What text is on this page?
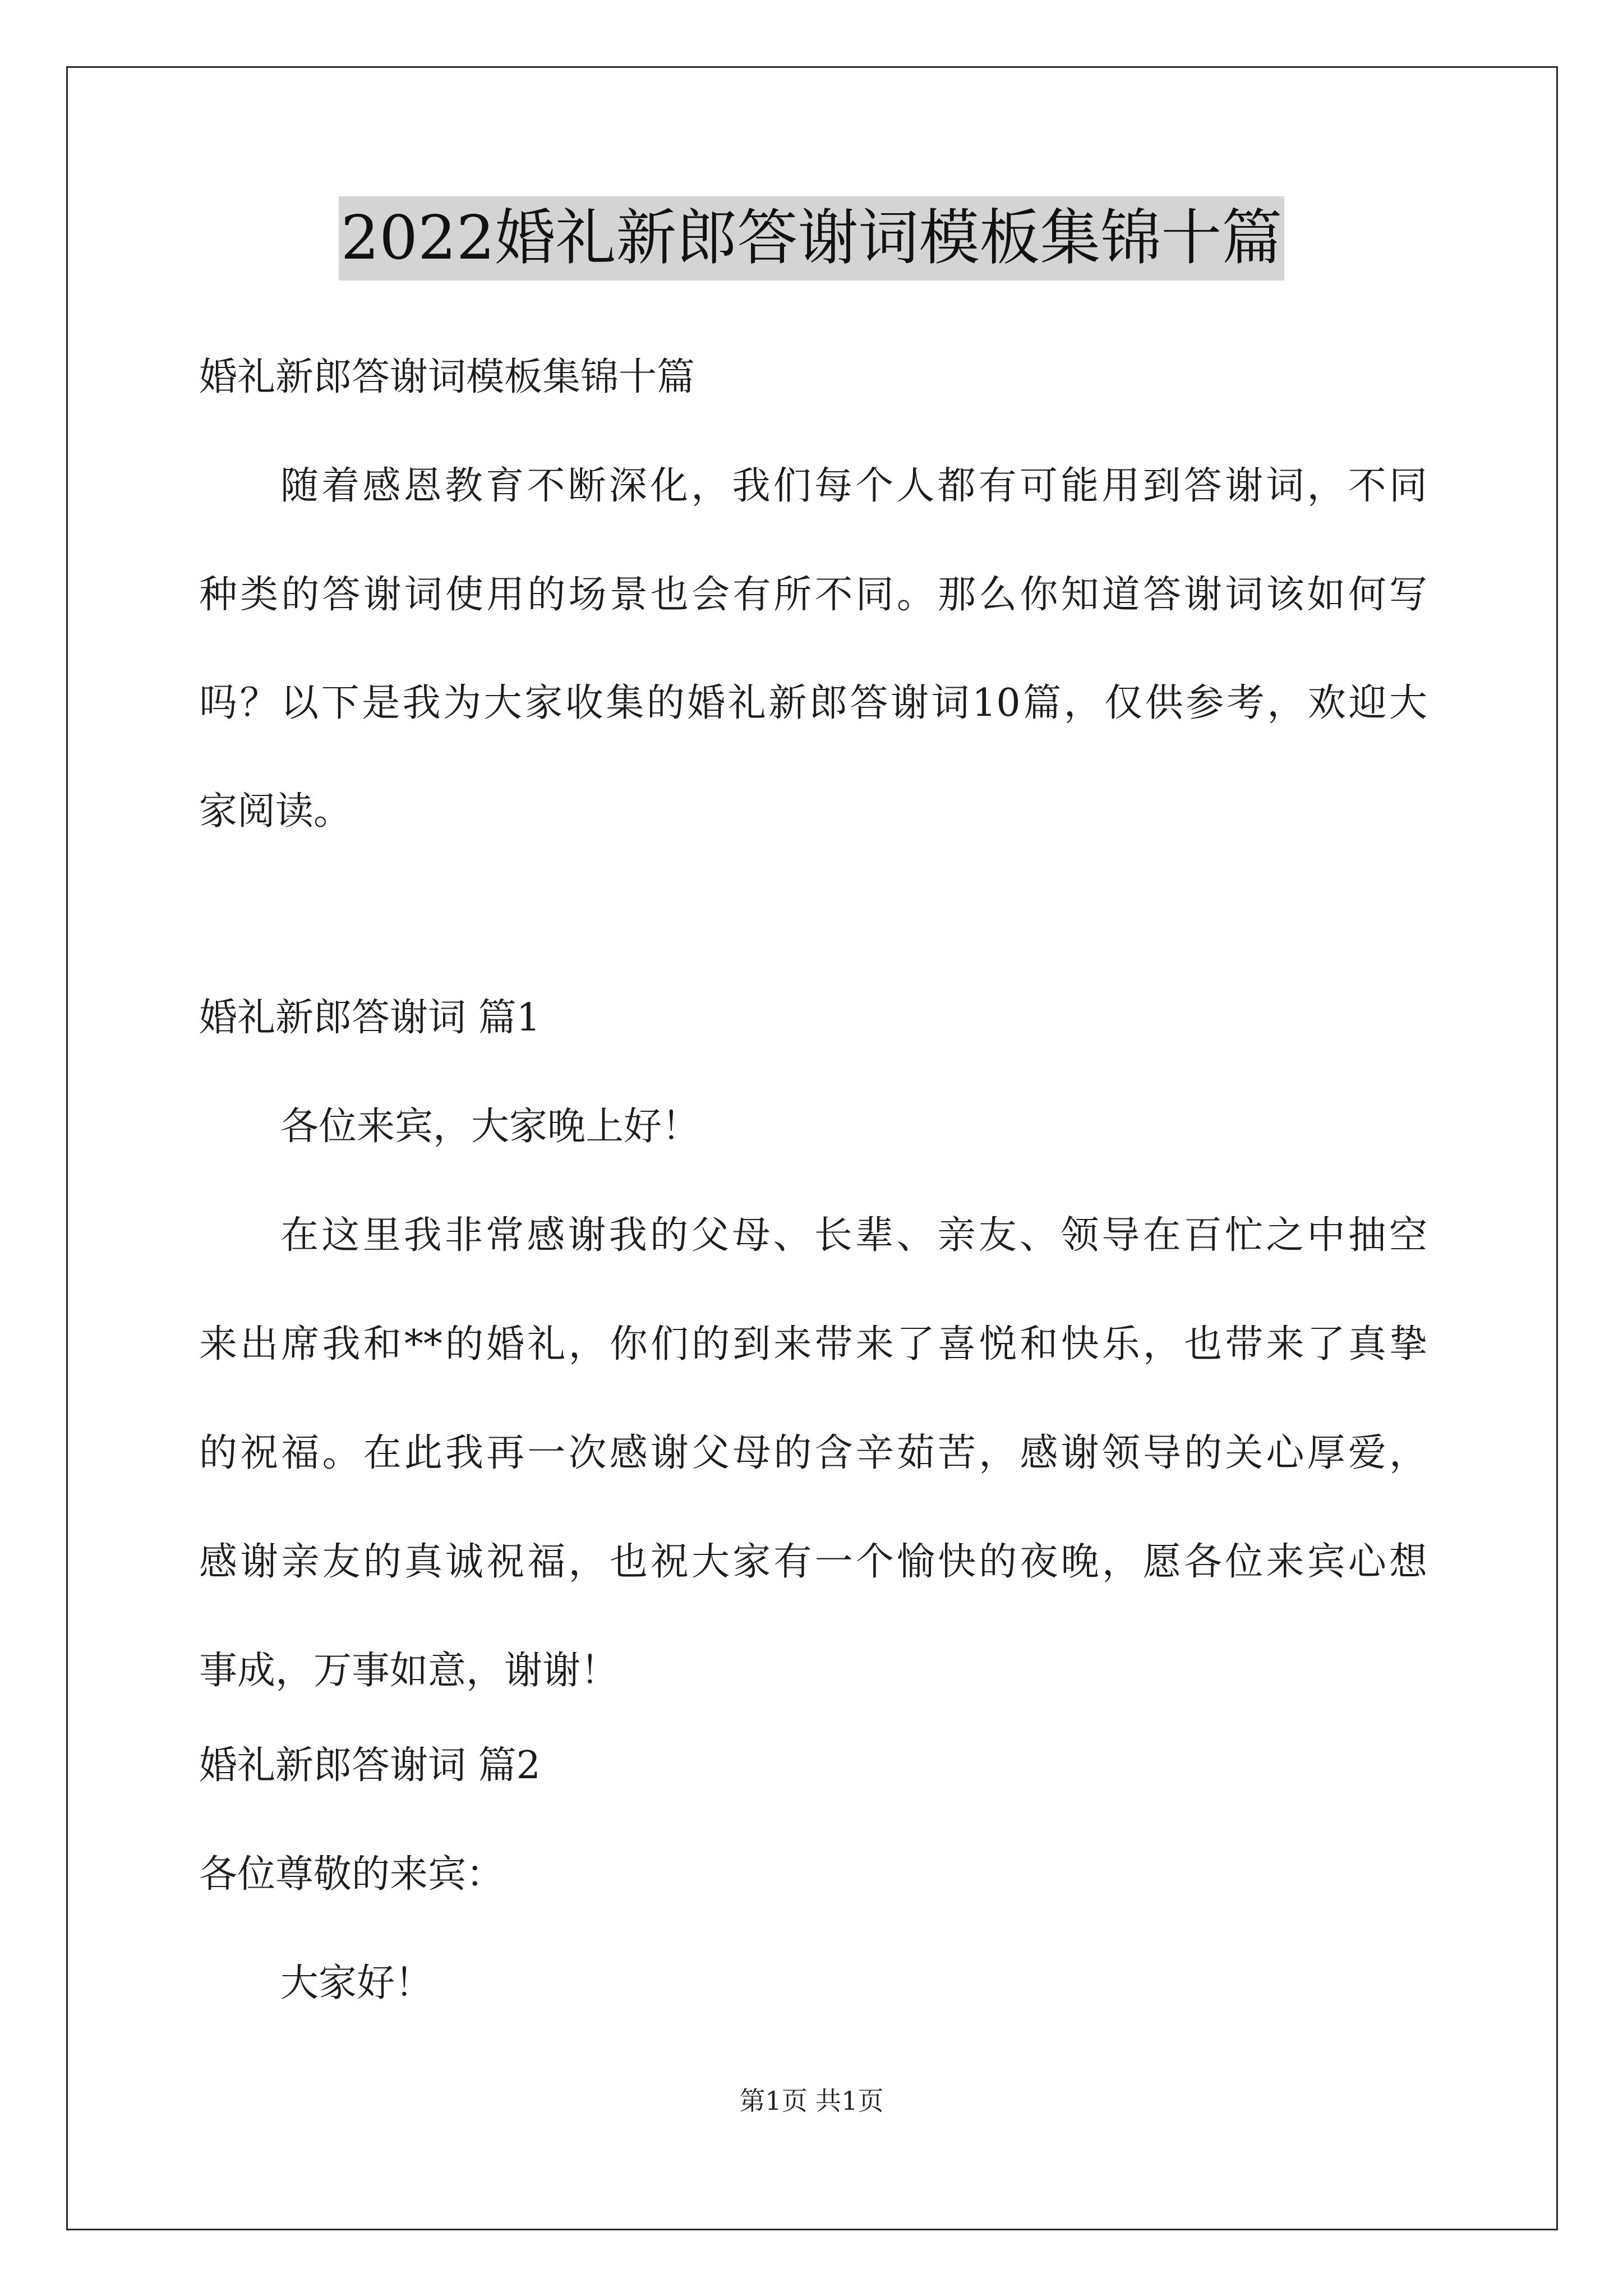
2022婚礼新郎答谢词模板集锦十篇
婚礼新郎答谢词模板集锦十篇
随着感恩教育不断深化，我们每个人都有可能用到答谢词，不同
种类的答谢词使用的场景也会有所不同。那么你知道答谢词该如何写
吗？以下是我为大家收集的婚礼新郎答谢词10篇，仅供参考，欢迎大
家阅读。
婚礼新郎答谢词 篇1
各位来宾，大家晚上好！
在这里我非常感谢我的父母、长辈、亲友、领导在百忙之中抽空
来出席我和**的婚礼，你们的到来带来了喜悦和快乐，也带来了真挚
的祝福。在此我再一次感谢父母的含辛茹苦，感谢领导的关心厚爱，
感谢亲友的真诚祝福，也祝大家有一个愉快的夜晚，愿各位来宾心想
事成，万事如意，谢谢！
婚礼新郎答谢词 篇2
各位尊敬的来宾：
大家好！
第1页 共1页
